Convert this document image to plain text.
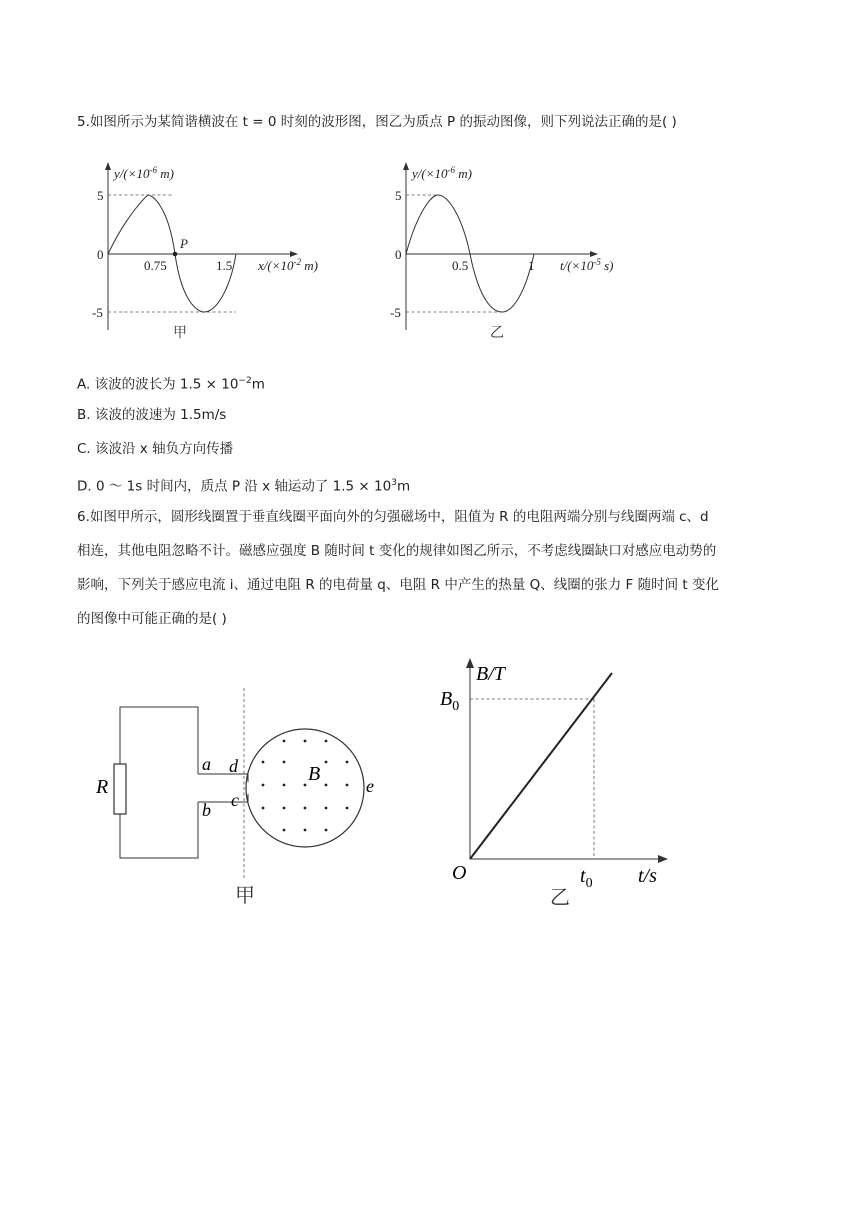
5.如图所示为某简谐横波在 t = 0 时刻的波形图，图乙为质点 P 的振动图像，则下列说法正确的是( )
$y/(\times 10^{-6}$ m)
5
0
-5
P
0.75	1.5 $x/(\times 10^{-2}$ m)
甲
$y/(\times 10^{-6}$ m)
5
0
-5
0.5	1 $t/(\times 10^{-5}$ s)
乙
A. 该波的波长为 $1.5 \times 10^{-2}m$
B. 该波的波速为 1.5m/s
C. 该波沿 x 轴负方向传播
D. 0 ～ 1s 时间内，质点 P 沿 x 轴运动了 $1.5 \times 10^3m$
6.如图甲所示，圆形线圈置于垂直线圈平面向外的匀强磁场中，阻值为 R 的电阻两端分别与线圈两端 c、d
相连，其他电阻忽略不计。磁感应强度 B 随时间 t 变化的规律如图乙所示，不考虑线圈缺口对感应电动势的
影响，下列关于感应电流 i、通过电阻 R 的电荷量 q、电阻 R 中产生的热量 Q、线圈的张力 F 随时间 t 变化
的图像中可能正确的是( )
R
a
b
d
c
B
e
甲
B/T
$B_0$
O	$t_0$ t/s
乙
